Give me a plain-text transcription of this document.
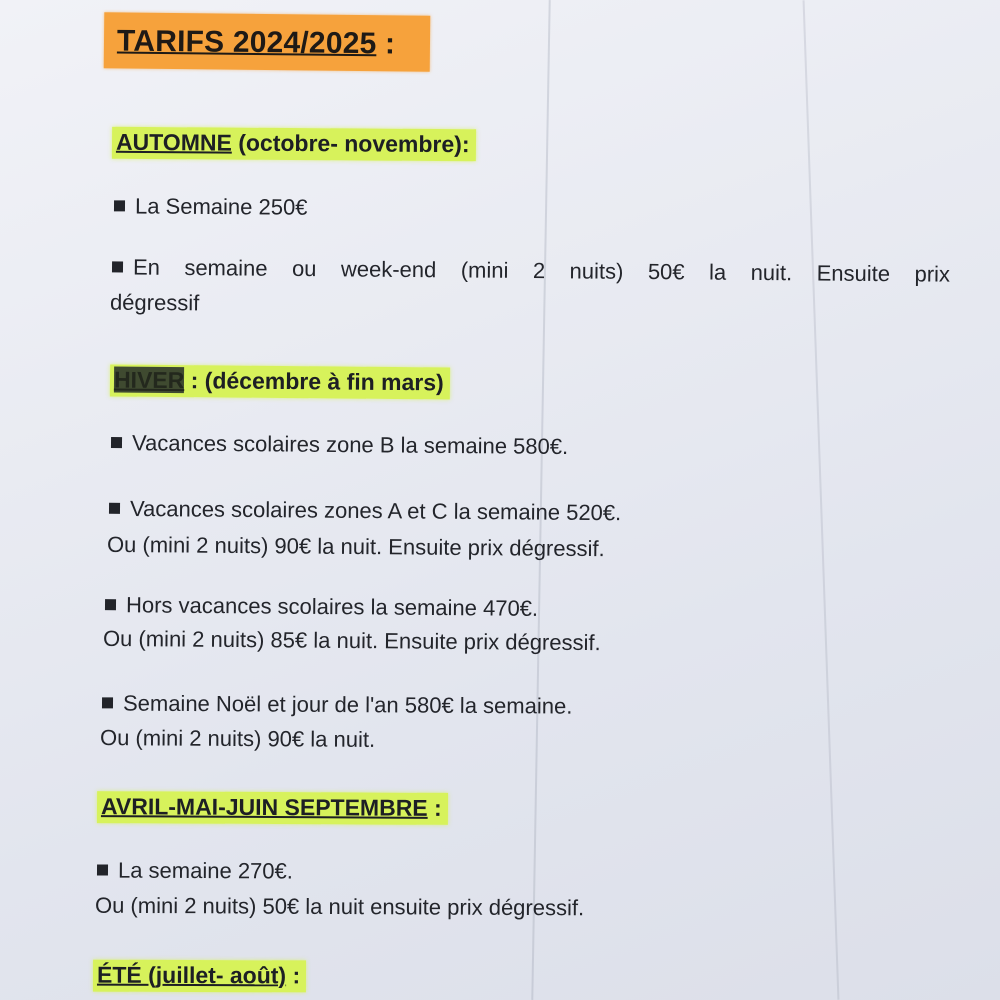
TARIFS 2024/2025 :
AUTOMNE (octobre- novembre):
La Semaine 250€
En semaine ou week-end (mini 2 nuits) 50€ la nuit. Ensuite prix
dégressif
HIVER : (décembre à fin mars)
Vacances scolaires zone B la semaine 580€.
Vacances scolaires zones A et C la semaine 520€.
Ou (mini 2 nuits) 90€ la nuit. Ensuite prix dégressif.
Hors vacances scolaires la semaine 470€.
Ou (mini 2 nuits) 85€ la nuit. Ensuite prix dégressif.
Semaine Noël et jour de l'an 580€ la semaine.
Ou (mini 2 nuits) 90€ la nuit.
AVRIL-MAI-JUIN SEPTEMBRE :
La semaine 270€.
Ou (mini 2 nuits) 50€ la nuit ensuite prix dégressif.
ÉTÉ (juillet- août) :
